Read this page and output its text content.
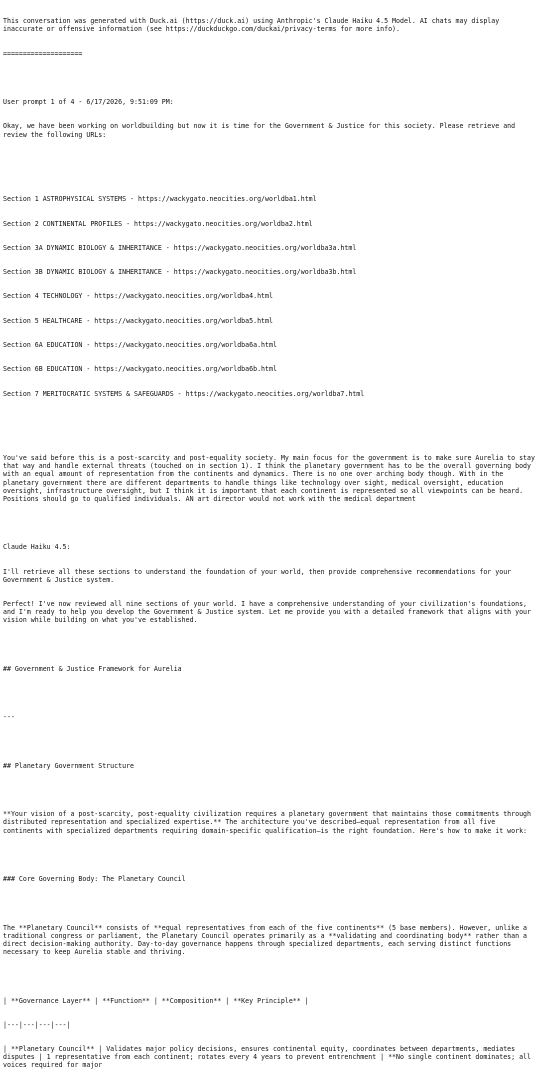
This conversation was generated with Duck.ai (https://duck.ai) using Anthropic's Claude Haiku 4.5 Model. AI chats may display inaccurate or offensive information (see https://duckduckgo.com/duckai/privacy-terms for more info).

====================

User prompt 1 of 4 - 6/17/2026, 9:51:09 PM:

Okay, we have been working on worldbuilding but now it is time for the Government & Justice for this society. Please retrieve and review the following URLs:

Section 1 ASTROPHYSICAL SYSTEMS - https://wackygato.neocities.org/worldba1.html

Section 2 CONTINENTAL PROFILES - https://wackygato.neocities.org/worldba2.html

Section 3A DYNAMIC BIOLOGY & INHERITANCE - https://wackygato.neocities.org/worldba3a.html

Section 3B DYNAMIC BIOLOGY & INHERITANCE - https://wackygato.neocities.org/worldba3b.html

Section 4 TECHNOLOGY - https://wackygato.neocities.org/worldba4.html

Section 5 HEALTHCARE - https://wackygato.neocities.org/worldba5.html

Section 6A EDUCATION - https://wackygato.neocities.org/worldba6a.html

Section 6B EDUCATION - https://wackygato.neocities.org/worldba6b.html

Section 7 MERITOCRATIC SYSTEMS & SAFEGUARDS - https://wackygato.neocities.org/worldba7.html

You've said before this is a post-scarcity and post-equality society. My main focus for the government is to make sure Aurelia to stay that way and handle external threats (touched on in section 1). I think the planetary government has to be the overall governing body with an equal amount of representation from the continents and dynamics. There is no one over arching body though. With in the planetary government there are different departments to handle things like technology over sight, medical oversight, education oversight, infrastructure oversight, but I think it is important that each continent is represented so all viewpoints can be heard. Positions should go to qualified individuals. AN art director would not work with the medical department

Claude Haiku 4.5:

I'll retrieve all these sections to understand the foundation of your world, then provide comprehensive recommendations for your Government & Justice system.

Perfect! I've now reviewed all nine sections of your world. I have a comprehensive understanding of your civilization's foundations, and I'm ready to help you develop the Government & Justice system. Let me provide you with a detailed framework that aligns with your vision while building on what you've established.

## Government & Justice Framework for Aurelia

---

## Planetary Government Structure

**Your vision of a post-scarcity, post-equality civilization requires a planetary government that maintains those commitments through distributed representation and specialized expertise.** The architecture you've described—equal representation from all five continents with specialized departments requiring domain-specific qualification—is the right foundation. Here's how to make it work:

### Core Governing Body: The Planetary Council

The **Planetary Council** consists of **equal representatives from each of the five continents** (5 base members). However, unlike a traditional congress or parliament, the Planetary Council operates primarily as a **validating and coordinating body** rather than a direct decision-making authority. Day-to-day governance happens through specialized departments, each serving distinct functions necessary to keep Aurelia stable and thriving.

| **Governance Layer** | **Function** | **Composition** | **Key Principle** |

|---|---|---|---|

| **Planetary Council** | Validates major policy decisions, ensures continental equity, coordinates between departments, mediates disputes | 1 representative from each continent; rotates every 4 years to prevent entrenchment | **No single continent dominates; all voices required for major
